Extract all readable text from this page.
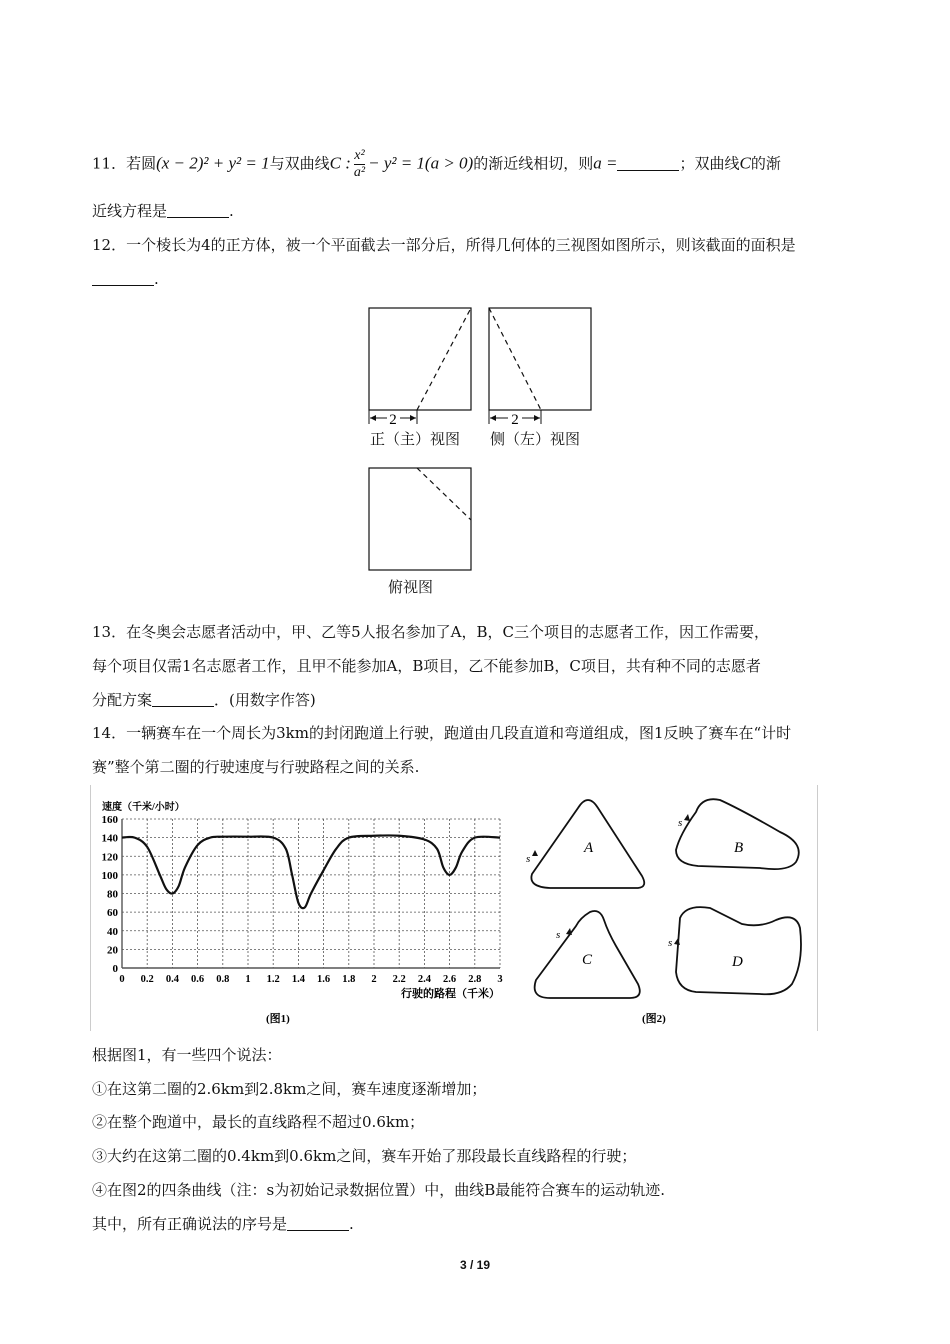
11．若圆(x − 2)² + y² = 1与双曲线C : $\frac{\text{x²}}{\text{a²}} - y^2 = 1(a > 0)$的渐近线相切，则a =	；双曲线C的渐
近线方程是	.
12．一个棱长为4的正方体，被一个平面截去一部分后，所得几何体的三视图如图所示，则该截面的面积是
.
2	2
正（主）视图 侧（左）视图
俯视图
13．在冬奥会志愿者活动中，甲、乙等5人报名参加了A，B，C三个项目的志愿者工作，因工作需要，
每个项目仅需1名志愿者工作，且甲不能参加A，B项目，乙不能参加B，C项目，共有种不同的志愿者
分配方案	．(用数字作答)
14．一辆赛车在一个周长为3km的封闭跑道上行驶，跑道由几段直道和弯道组成，图1反映了赛车在“计时
赛”整个第二圈的行驶速度与行驶路程之间的关系.
速度（千米/小时）
160
140
120
100
80
60
40
20
0
0 0.2 0.4 0.6 0.8 1 1.2 1.4 1.6 1.8 2 2.2 2.4 2.6 2.8 3
行驶的路程（千米）
(图1)
A
s
B
s
C
s
D
s
(图2)
根据图1，有一些四个说法：
①在这第二圈的2.6km到2.8km之间，赛车速度逐渐增加；
②在整个跑道中，最长的直线路程不超过0.6km；
③大约在这第二圈的0.4km到0.6km之间，赛车开始了那段最长直线路程的行驶；
④在图2的四条曲线（注：s为初始记录数据位置）中，曲线B最能符合赛车的运动轨迹.
其中，所有正确说法的序号是	.
3 / 19
